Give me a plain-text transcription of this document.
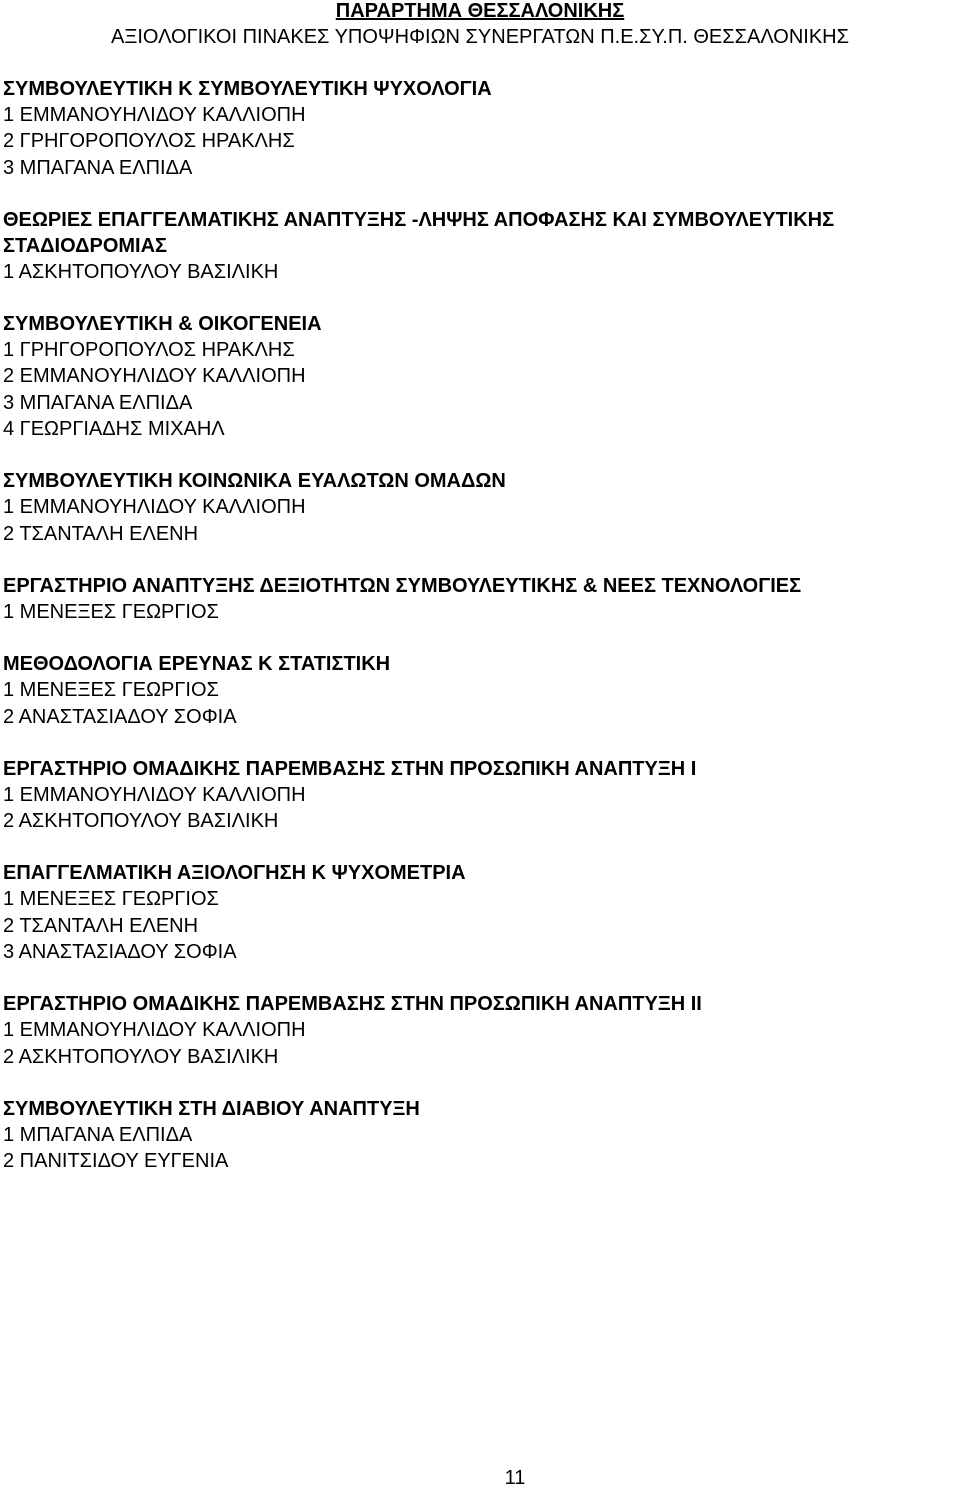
ΠΑΡΑΡΤΗΜΑ ΘΕΣΣΑΛΟΝΙΚΗΣ
ΑΞΙΟΛΟΓΙΚΟΙ ΠΙΝΑΚΕΣ ΥΠΟΨΗΦΙΩΝ ΣΥΝΕΡΓΑΤΩΝ Π.Ε.ΣΥ.Π. ΘΕΣΣΑΛΟΝΙΚΗΣ
ΣΥΜΒΟΥΛΕΥΤΙΚΗ Κ ΣΥΜΒΟΥΛΕΥΤΙΚΗ ΨΥΧΟΛΟΓΙΑ
1 ΕΜΜΑΝΟΥΗΛΙΔΟΥ ΚΑΛΛΙΟΠΗ
2 ΓΡΗΓΟΡΟΠΟΥΛΟΣ ΗΡΑΚΛΗΣ
3 ΜΠΑΓΑΝΑ ΕΛΠΙΔΑ
ΘΕΩΡΙΕΣ ΕΠΑΓΓΕΛΜΑΤΙΚΗΣ ΑΝΑΠΤΥΞΗΣ -ΛΗΨΗΣ ΑΠΟΦΑΣΗΣ ΚΑΙ ΣΥΜΒΟΥΛΕΥΤΙΚΗΣ ΣΤΑΔΙΟΔΡΟΜΙΑΣ
1 ΑΣΚΗΤΟΠΟΥΛΟΥ ΒΑΣΙΛΙΚΗ
ΣΥΜΒΟΥΛΕΥΤΙΚΗ & ΟΙΚΟΓΕΝΕΙΑ
1 ΓΡΗΓΟΡΟΠΟΥΛΟΣ ΗΡΑΚΛΗΣ
2 ΕΜΜΑΝΟΥΗΛΙΔΟΥ ΚΑΛΛΙΟΠΗ
3 ΜΠΑΓΑΝΑ ΕΛΠΙΔΑ
4 ΓΕΩΡΓΙΑΔΗΣ ΜΙΧΑΗΛ
ΣΥΜΒΟΥΛΕΥΤΙΚΗ ΚΟΙΝΩΝΙΚΑ ΕΥΑΛΩΤΩΝ ΟΜΑΔΩΝ
1 ΕΜΜΑΝΟΥΗΛΙΔΟΥ ΚΑΛΛΙΟΠΗ
2 ΤΣΑΝΤΑΛΗ ΕΛΕΝΗ
ΕΡΓΑΣΤΗΡΙΟ ΑΝΑΠΤΥΞΗΣ ΔΕΞΙΟΤΗΤΩΝ ΣΥΜΒΟΥΛΕΥΤΙΚΗΣ & ΝΕΕΣ ΤΕΧΝΟΛΟΓΙΕΣ
1 ΜΕΝΕΞΕΣ ΓΕΩΡΓΙΟΣ
ΜΕΘΟΔΟΛΟΓΙΑ ΕΡΕΥΝΑΣ Κ ΣΤΑΤΙΣΤΙΚΗ
1 ΜΕΝΕΞΕΣ ΓΕΩΡΓΙΟΣ
2 ΑΝΑΣΤΑΣΙΑΔΟΥ ΣΟΦΙΑ
ΕΡΓΑΣΤΗΡΙΟ ΟΜΑΔΙΚΗΣ ΠΑΡΕΜΒΑΣΗΣ ΣΤΗΝ ΠΡΟΣΩΠΙΚΗ ΑΝΑΠΤΥΞΗ Ι
1 ΕΜΜΑΝΟΥΗΛΙΔΟΥ ΚΑΛΛΙΟΠΗ
2 ΑΣΚΗΤΟΠΟΥΛΟΥ ΒΑΣΙΛΙΚΗ
ΕΠΑΓΓΕΛΜΑΤΙΚΗ ΑΞΙΟΛΟΓΗΣΗ Κ ΨΥΧΟΜΕΤΡΙΑ
1 ΜΕΝΕΞΕΣ ΓΕΩΡΓΙΟΣ
2 ΤΣΑΝΤΑΛΗ ΕΛΕΝΗ
3 ΑΝΑΣΤΑΣΙΑΔΟΥ ΣΟΦΙΑ
ΕΡΓΑΣΤΗΡΙΟ ΟΜΑΔΙΚΗΣ ΠΑΡΕΜΒΑΣΗΣ ΣΤΗΝ ΠΡΟΣΩΠΙΚΗ ΑΝΑΠΤΥΞΗ ΙΙ
1 ΕΜΜΑΝΟΥΗΛΙΔΟΥ ΚΑΛΛΙΟΠΗ
2 ΑΣΚΗΤΟΠΟΥΛΟΥ ΒΑΣΙΛΙΚΗ
ΣΥΜΒΟΥΛΕΥΤΙΚΗ ΣΤΗ ΔΙΑΒΙΟΥ ΑΝΑΠΤΥΞΗ
1 ΜΠΑΓΑΝΑ ΕΛΠΙΔΑ
2 ΠΑΝΙΤΣΙΔΟΥ ΕΥΓΕΝΙΑ
11
